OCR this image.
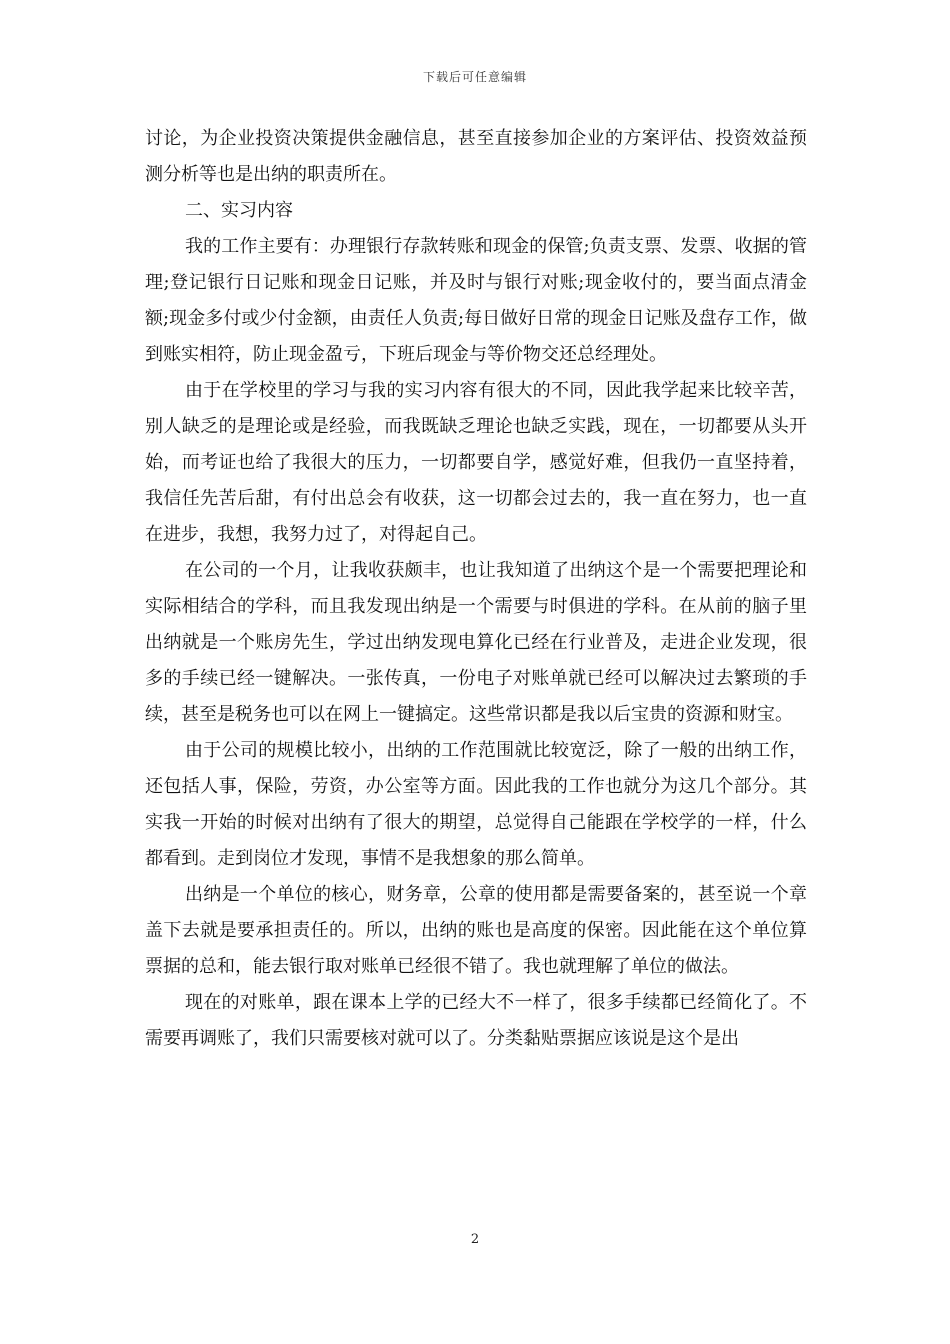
下载后可任意编辑

讨论，为企业投资决策提供金融信息，甚至直接参加企业的方案评估、投资效益预测分析等也是出纳的职责所在。

二、实习内容

我的工作主要有：办理银行存款转账和现金的保管;负责支票、发票、收据的管理;登记银行日记账和现金日记账，并及时与银行对账;现金收付的，要当面点清金额;现金多付或少付金额，由责任人负责;每日做好日常的现金日记账及盘存工作，做到账实相符，防止现金盈亏，下班后现金与等价物交还总经理处。

由于在学校里的学习与我的实习内容有很大的不同，因此我学起来比较辛苦，别人缺乏的是理论或是经验，而我既缺乏理论也缺乏实践，现在，一切都要从头开始，而考证也给了我很大的压力，一切都要自学，感觉好难，但我仍一直坚持着，我信任先苦后甜，有付出总会有收获，这一切都会过去的，我一直在努力，也一直在进步，我想，我努力过了，对得起自己。

在公司的一个月，让我收获颇丰，也让我知道了出纳这个是一个需要把理论和实际相结合的学科，而且我发现出纳是一个需要与时俱进的学科。在从前的脑子里出纳就是一个账房先生，学过出纳发现电算化已经在行业普及，走进企业发现，很多的手续已经一键解决。一张传真，一份电子对账单就已经可以解决过去繁琐的手续，甚至是税务也可以在网上一键搞定。这些常识都是我以后宝贵的资源和财宝。

由于公司的规模比较小，出纳的工作范围就比较宽泛，除了一般的出纳工作，还包括人事，保险，劳资，办公室等方面。因此我的工作也就分为这几个部分。其实我一开始的时候对出纳有了很大的期望，总觉得自己能跟在学校学的一样，什么都看到。走到岗位才发现，事情不是我想象的那么简单。

出纳是一个单位的核心，财务章，公章的使用都是需要备案的，甚至说一个章盖下去就是要承担责任的。所以，出纳的账也是高度的保密。因此能在这个单位算票据的总和，能去银行取对账单已经很不错了。我也就理解了单位的做法。

现在的对账单，跟在课本上学的已经大不一样了，很多手续都已经简化了。不需要再调账了，我们只需要核对就可以了。分类黏贴票据应该说是这个是出

2
